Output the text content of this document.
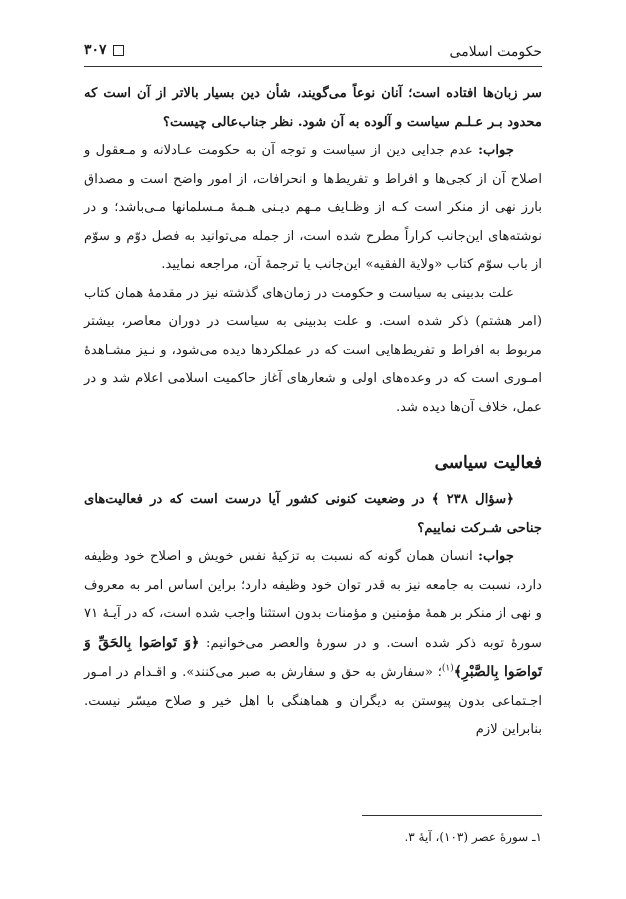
حکومت اسلامی
۳۰۷

سر زبان‌ها افتاده است؛ آنان نوعاً می‌گویند، شأن دین بسیار بالاتر از آن است که محدود بـر عـلـم سیاست و آلوده به آن شود. نظر جناب‌عالی چیست؟

جواب: عدم جدایی دین از سیاست و توجه آن به حکومت عـادلانه و مـعقول و اصلاح آن از کجی‌ها و افراط و تفریط‌ها و انحرافات، از امور واضح است و مصداق بارز نهی از منکر است کـه از وظـایف مـهم دیـنی هـمهٔ مـسلمانها مـی‌باشد؛ و در نوشته‌های این‌جانب کراراً مطرح شده است، از جمله می‌توانید به فصل دوّم و سوّم از باب سوّم کتاب «ولایة الفقیه» این‌جانب یا ترجمهٔ آن، مراجعه نمایید.

علت بدبینی به سیاست و حکومت در زمان‌های گذشته نیز در مقدمهٔ همان کتاب (امر هشتم) ذکر شده است. و علت بدبینی به سیاست در دوران معاصر، بیشتر مربوط به افراط و تفریط‌هایی است که در عملکردها دیده می‌شود، و نـیز مشـاهدهٔ امـوری است که در وعده‌های اولی و شعارهای آغاز حاکمیت اسلامی اعلام شد و در عمل، خلاف آن‌ها دیده شد.

فعالیت سیاسی

﴿سؤال ۲۳۸ ﴾ در وضعیت کنونی کشور آیا درست است که در فعالیت‌های جناحی شـرکت نماییم؟

جواب: انسان همان گونه که نسبت به تزکیهٔ نفس خویش و اصلاح خود وظیفه دارد، نسبت به جامعه نیز به قدر توان خود وظیفه دارد؛ براین اساس امر به معروف و نهی از منکر بر همهٔ مؤمنین و مؤمنات بدون استثنا واجب شده است، که در آیـهٔ ۷۱ سورهٔ توبه ذکر شده است. و در سورهٔ والعصر می‌خوانیم: ﴿وَ تَواصَوا بِالحَقِّ وَ تَواصَوا بِالصَّبْرِ﴾$^{(۱)}$؛ «سفارش به حق و سفارش به صبر می‌کنند». و اقـدام در امـور اجـتماعی بدون پیوستن به دیگران و هماهنگی با اهل خیر و صلاح میسّر نیست. بنابراین لازم

۱ـ سورهٔ عصر (۱۰۳)، آیهٔ ۳.
